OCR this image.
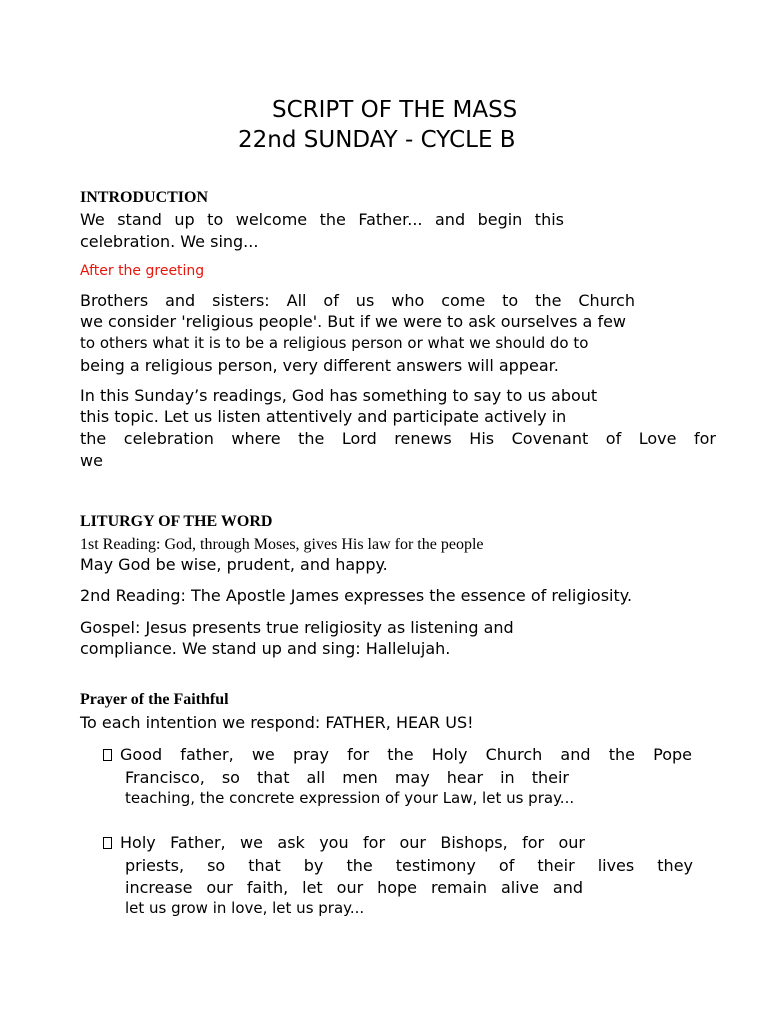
SCRIPT OF THE MASS
22nd SUNDAY - CYCLE B
INTRODUCTION
We stand up to welcome the Father... and begin this
celebration. We sing...
After the greeting
Brothers and sisters: All of us who come to the Church
we consider 'religious people'. But if we were to ask ourselves a few
to others what it is to be a religious person or what we should do to
being a religious person, very different answers will appear.
In this Sunday’s readings, God has something to say to us about
this topic. Let us listen attentively and participate actively in
the celebration where the Lord renews His Covenant of Love for
we
LITURGY OF THE WORD
1st Reading: God, through Moses, gives His law for the people
May God be wise, prudent, and happy.
2nd Reading: The Apostle James expresses the essence of religiosity.
Gospel: Jesus presents true religiosity as listening and
compliance. We stand up and sing: Hallelujah.
Prayer of the Faithful
To each intention we respond: FATHER, HEAR US!
Good father, we pray for the Holy Church and the Pope
Francisco, so that all men may hear in their
teaching, the concrete expression of your Law, let us pray...
Holy Father, we ask you for our Bishops, for our
priests, so that by the testimony of their lives they
increase our faith, let our hope remain alive and
let us grow in love, let us pray...
